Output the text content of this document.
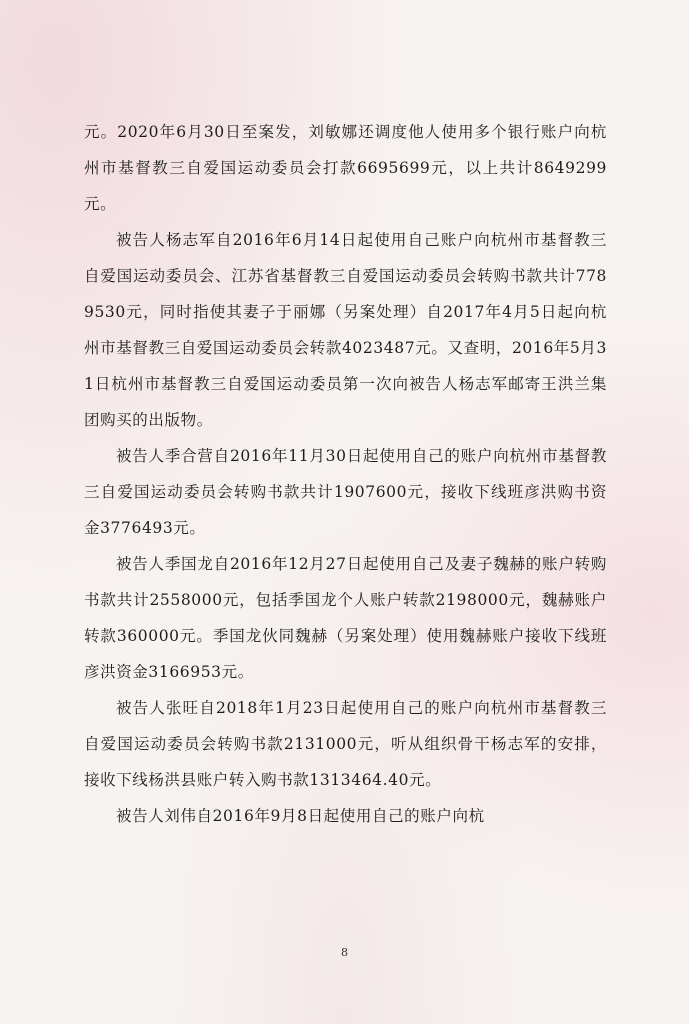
元。2020年6月30日至案发，刘敏娜还调度他人使用多个银行账户向杭州市基督教三自爱国运动委员会打款6695699元，以上共计8649299元。

被告人杨志军自2016年6月14日起使用自己账户向杭州市基督教三自爱国运动委员会、江苏省基督教三自爱国运动委员会转购书款共计7789530元，同时指使其妻子于丽娜（另案处理）自2017年4月5日起向杭州市基督教三自爱国运动委员会转款4023487元。又查明，2016年5月31日杭州市基督教三自爱国运动委员第一次向被告人杨志军邮寄王洪兰集团购买的出版物。

被告人季合营自2016年11月30日起使用自己的账户向杭州市基督教三自爱国运动委员会转购书款共计1907600元，接收下线班彦洪购书资金3776493元。

被告人季国龙自2016年12月27日起使用自己及妻子魏赫的账户转购书款共计2558000元，包括季国龙个人账户转款2198000元，魏赫账户转款360000元。季国龙伙同魏赫（另案处理）使用魏赫账户接收下线班彦洪资金3166953元。

被告人张旺自2018年1月23日起使用自己的账户向杭州市基督教三自爱国运动委员会转购书款2131000元，听从组织骨干杨志军的安排，接收下线杨洪县账户转入购书款1313464.40元。

被告人刘伟自2016年9月8日起使用自己的账户向杭

8
